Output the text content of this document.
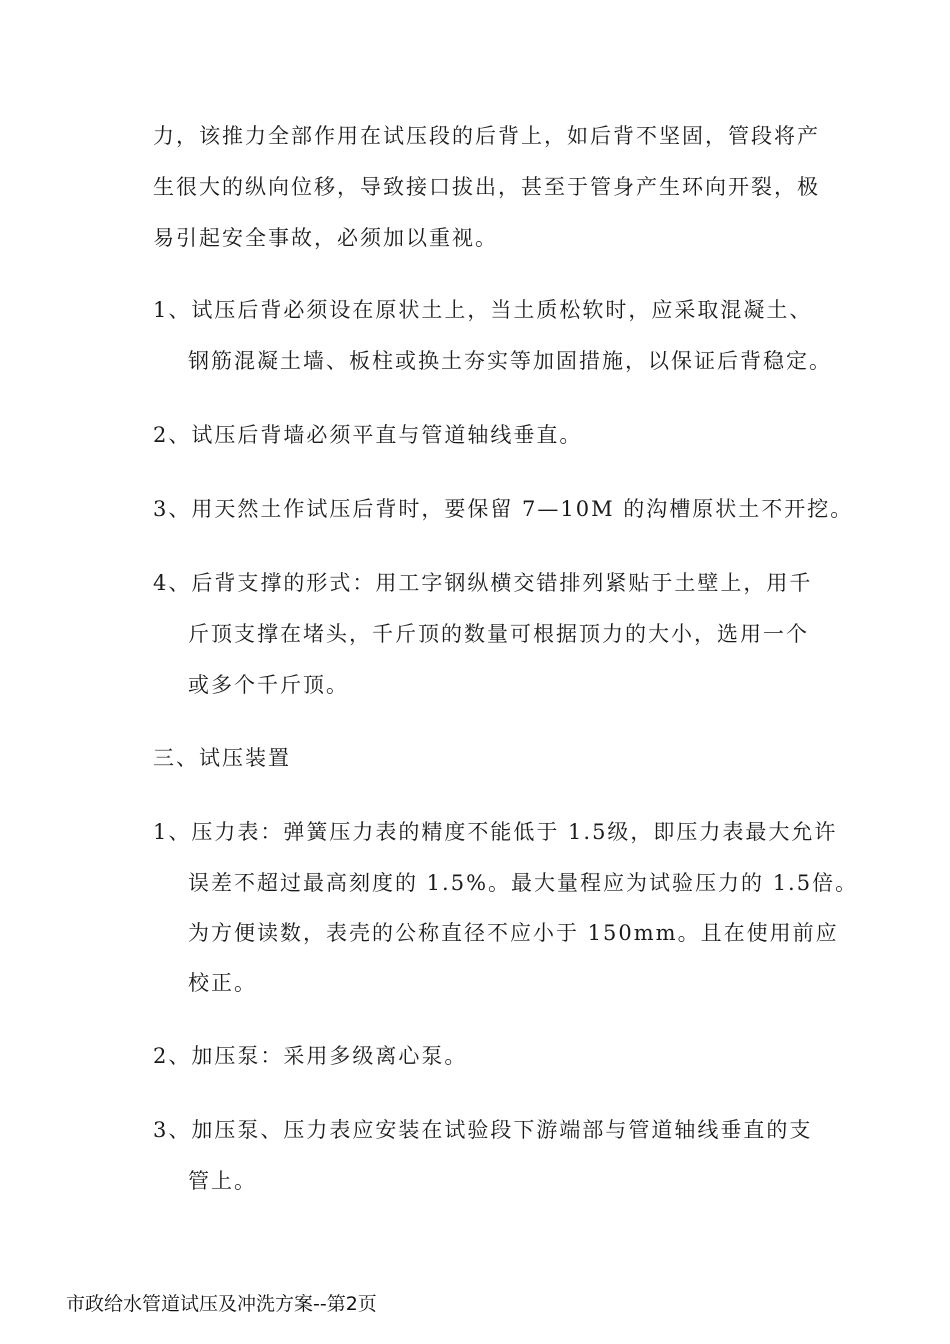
力，该推力全部作用在试压段的后背上，如后背不坚固，管段将产
生很大的纵向位移，导致接口拔出，甚至于管身产生环向开裂，极
易引起安全事故，必须加以重视。
1、试压后背必须设在原状土上，当土质松软时，应采取混凝土、
钢筋混凝土墙、板柱或换土夯实等加固措施，以保证后背稳定。
2、试压后背墙必须平直与管道轴线垂直。
3、用天然土作试压后背时，要保留 7—10M 的沟槽原状土不开挖。
4、后背支撑的形式：用工字钢纵横交错排列紧贴于土壁上，用千
斤顶支撑在堵头，千斤顶的数量可根据顶力的大小，选用一个
或多个千斤顶。
三、试压装置
1、压力表：弹簧压力表的精度不能低于 1.5级，即压力表最大允许
误差不超过最高刻度的 1.5%。最大量程应为试验压力的 1.5倍。
为方便读数，表壳的公称直径不应小于 150mm。且在使用前应
校正。
2、加压泵：采用多级离心泵。
3、加压泵、压力表应安装在试验段下游端部与管道轴线垂直的支
管上。
市政给水管道试压及冲洗方案--第2页
